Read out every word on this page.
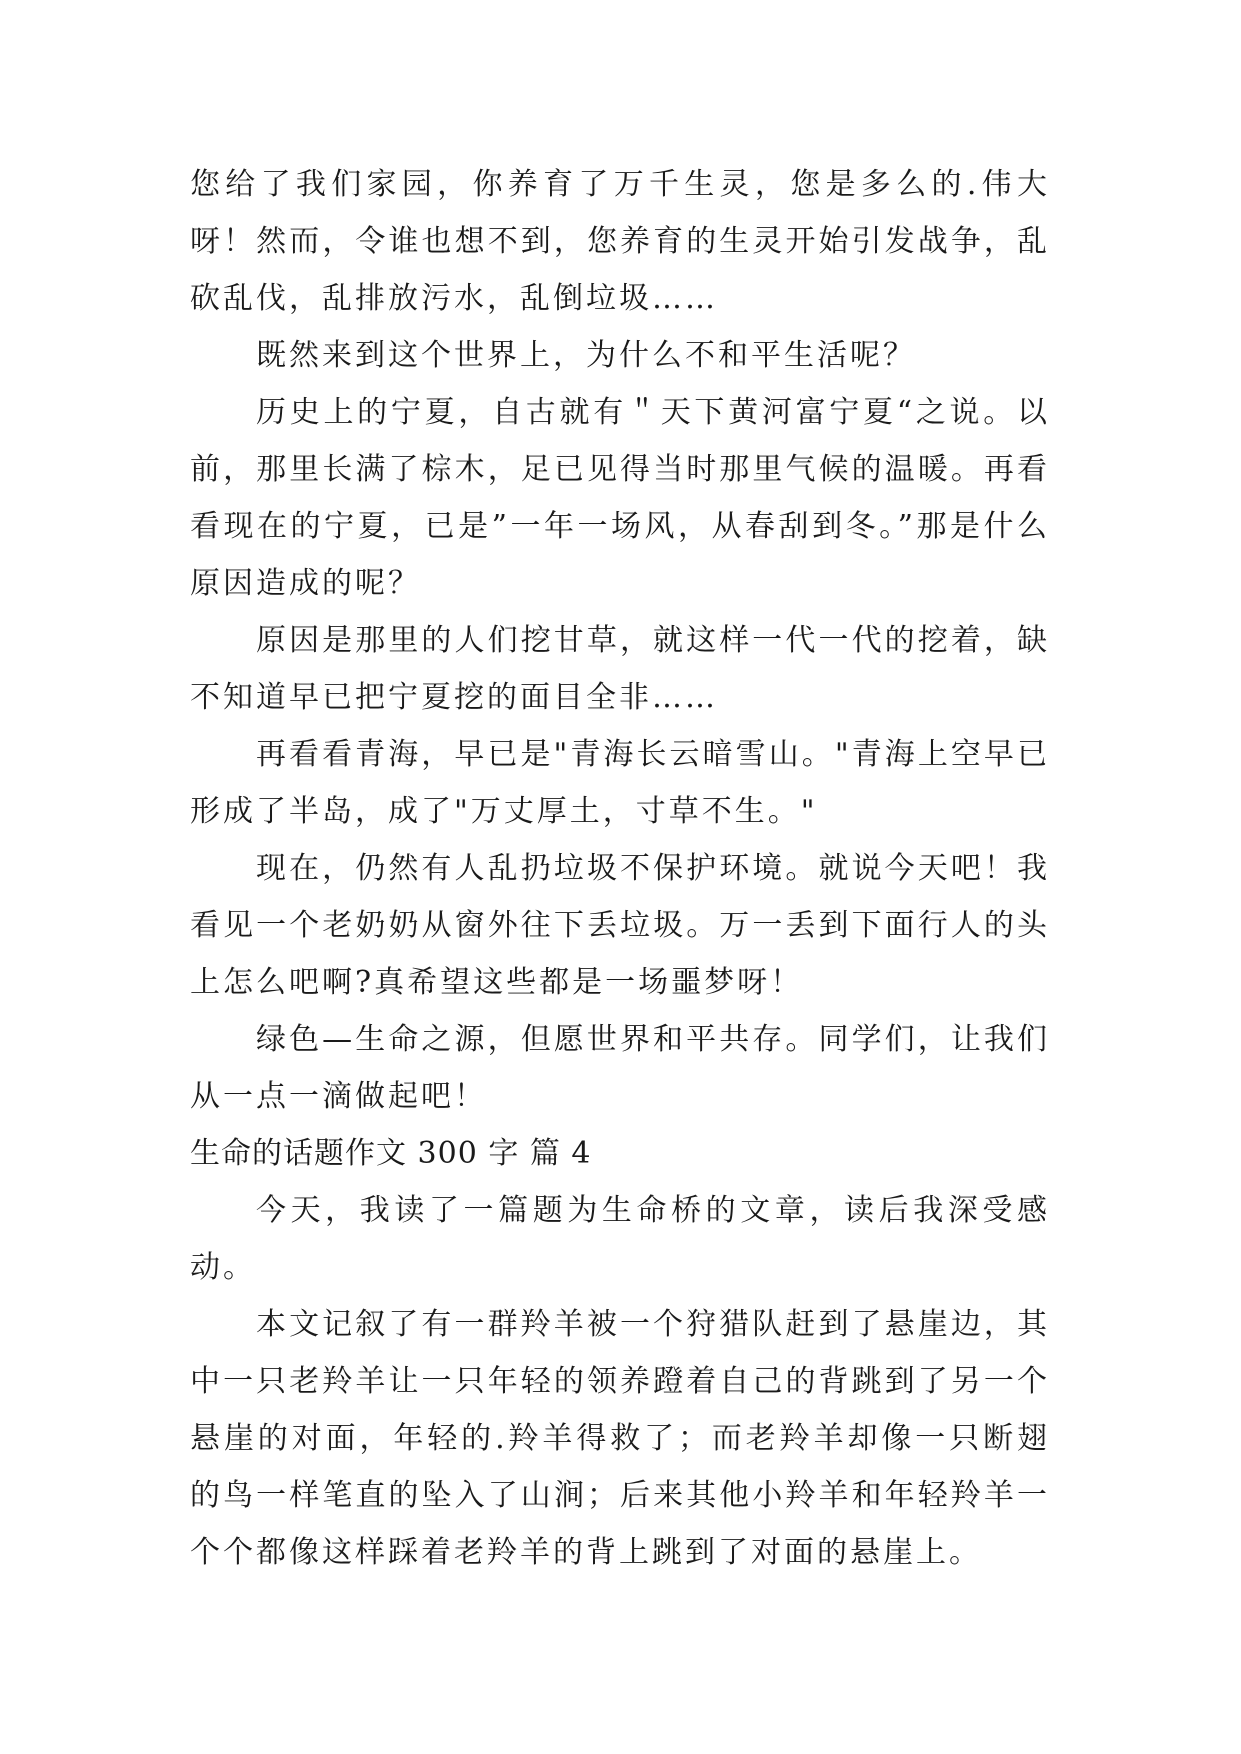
您给了我们家园，你养育了万千生灵，您是多么的.伟大呀！然而，令谁也想不到，您养育的生灵开始引发战争，乱砍乱伐，乱排放污水，乱倒垃圾……

既然来到这个世界上，为什么不和平生活呢？

历史上的宁夏，自古就有＂天下黄河富宁夏“之说。以前，那里长满了棕木，足已见得当时那里气候的温暖。再看看现在的宁夏，已是”一年一场风，从春刮到冬。”那是什么原因造成的呢？

原因是那里的人们挖甘草，就这样一代一代的挖着，缺不知道早已把宁夏挖的面目全非……

再看看青海，早已是"青海长云暗雪山。"青海上空早已形成了半岛，成了"万丈厚土，寸草不生。"

现在，仍然有人乱扔垃圾不保护环境。就说今天吧！我看见一个老奶奶从窗外往下丢垃圾。万一丢到下面行人的头上怎么吧啊?真希望这些都是一场噩梦呀！

绿色—生命之源，但愿世界和平共存。同学们，让我们从一点一滴做起吧！

生命的话题作文 300 字 篇 4

今天，我读了一篇题为生命桥的文章，读后我深受感动。

本文记叙了有一群羚羊被一个狩猎队赶到了悬崖边，其中一只老羚羊让一只年轻的领养蹬着自己的背跳到了另一个悬崖的对面，年轻的.羚羊得救了；而老羚羊却像一只断翅的鸟一样笔直的坠入了山涧；后来其他小羚羊和年轻羚羊一个个都像这样踩着老羚羊的背上跳到了对面的悬崖上。
